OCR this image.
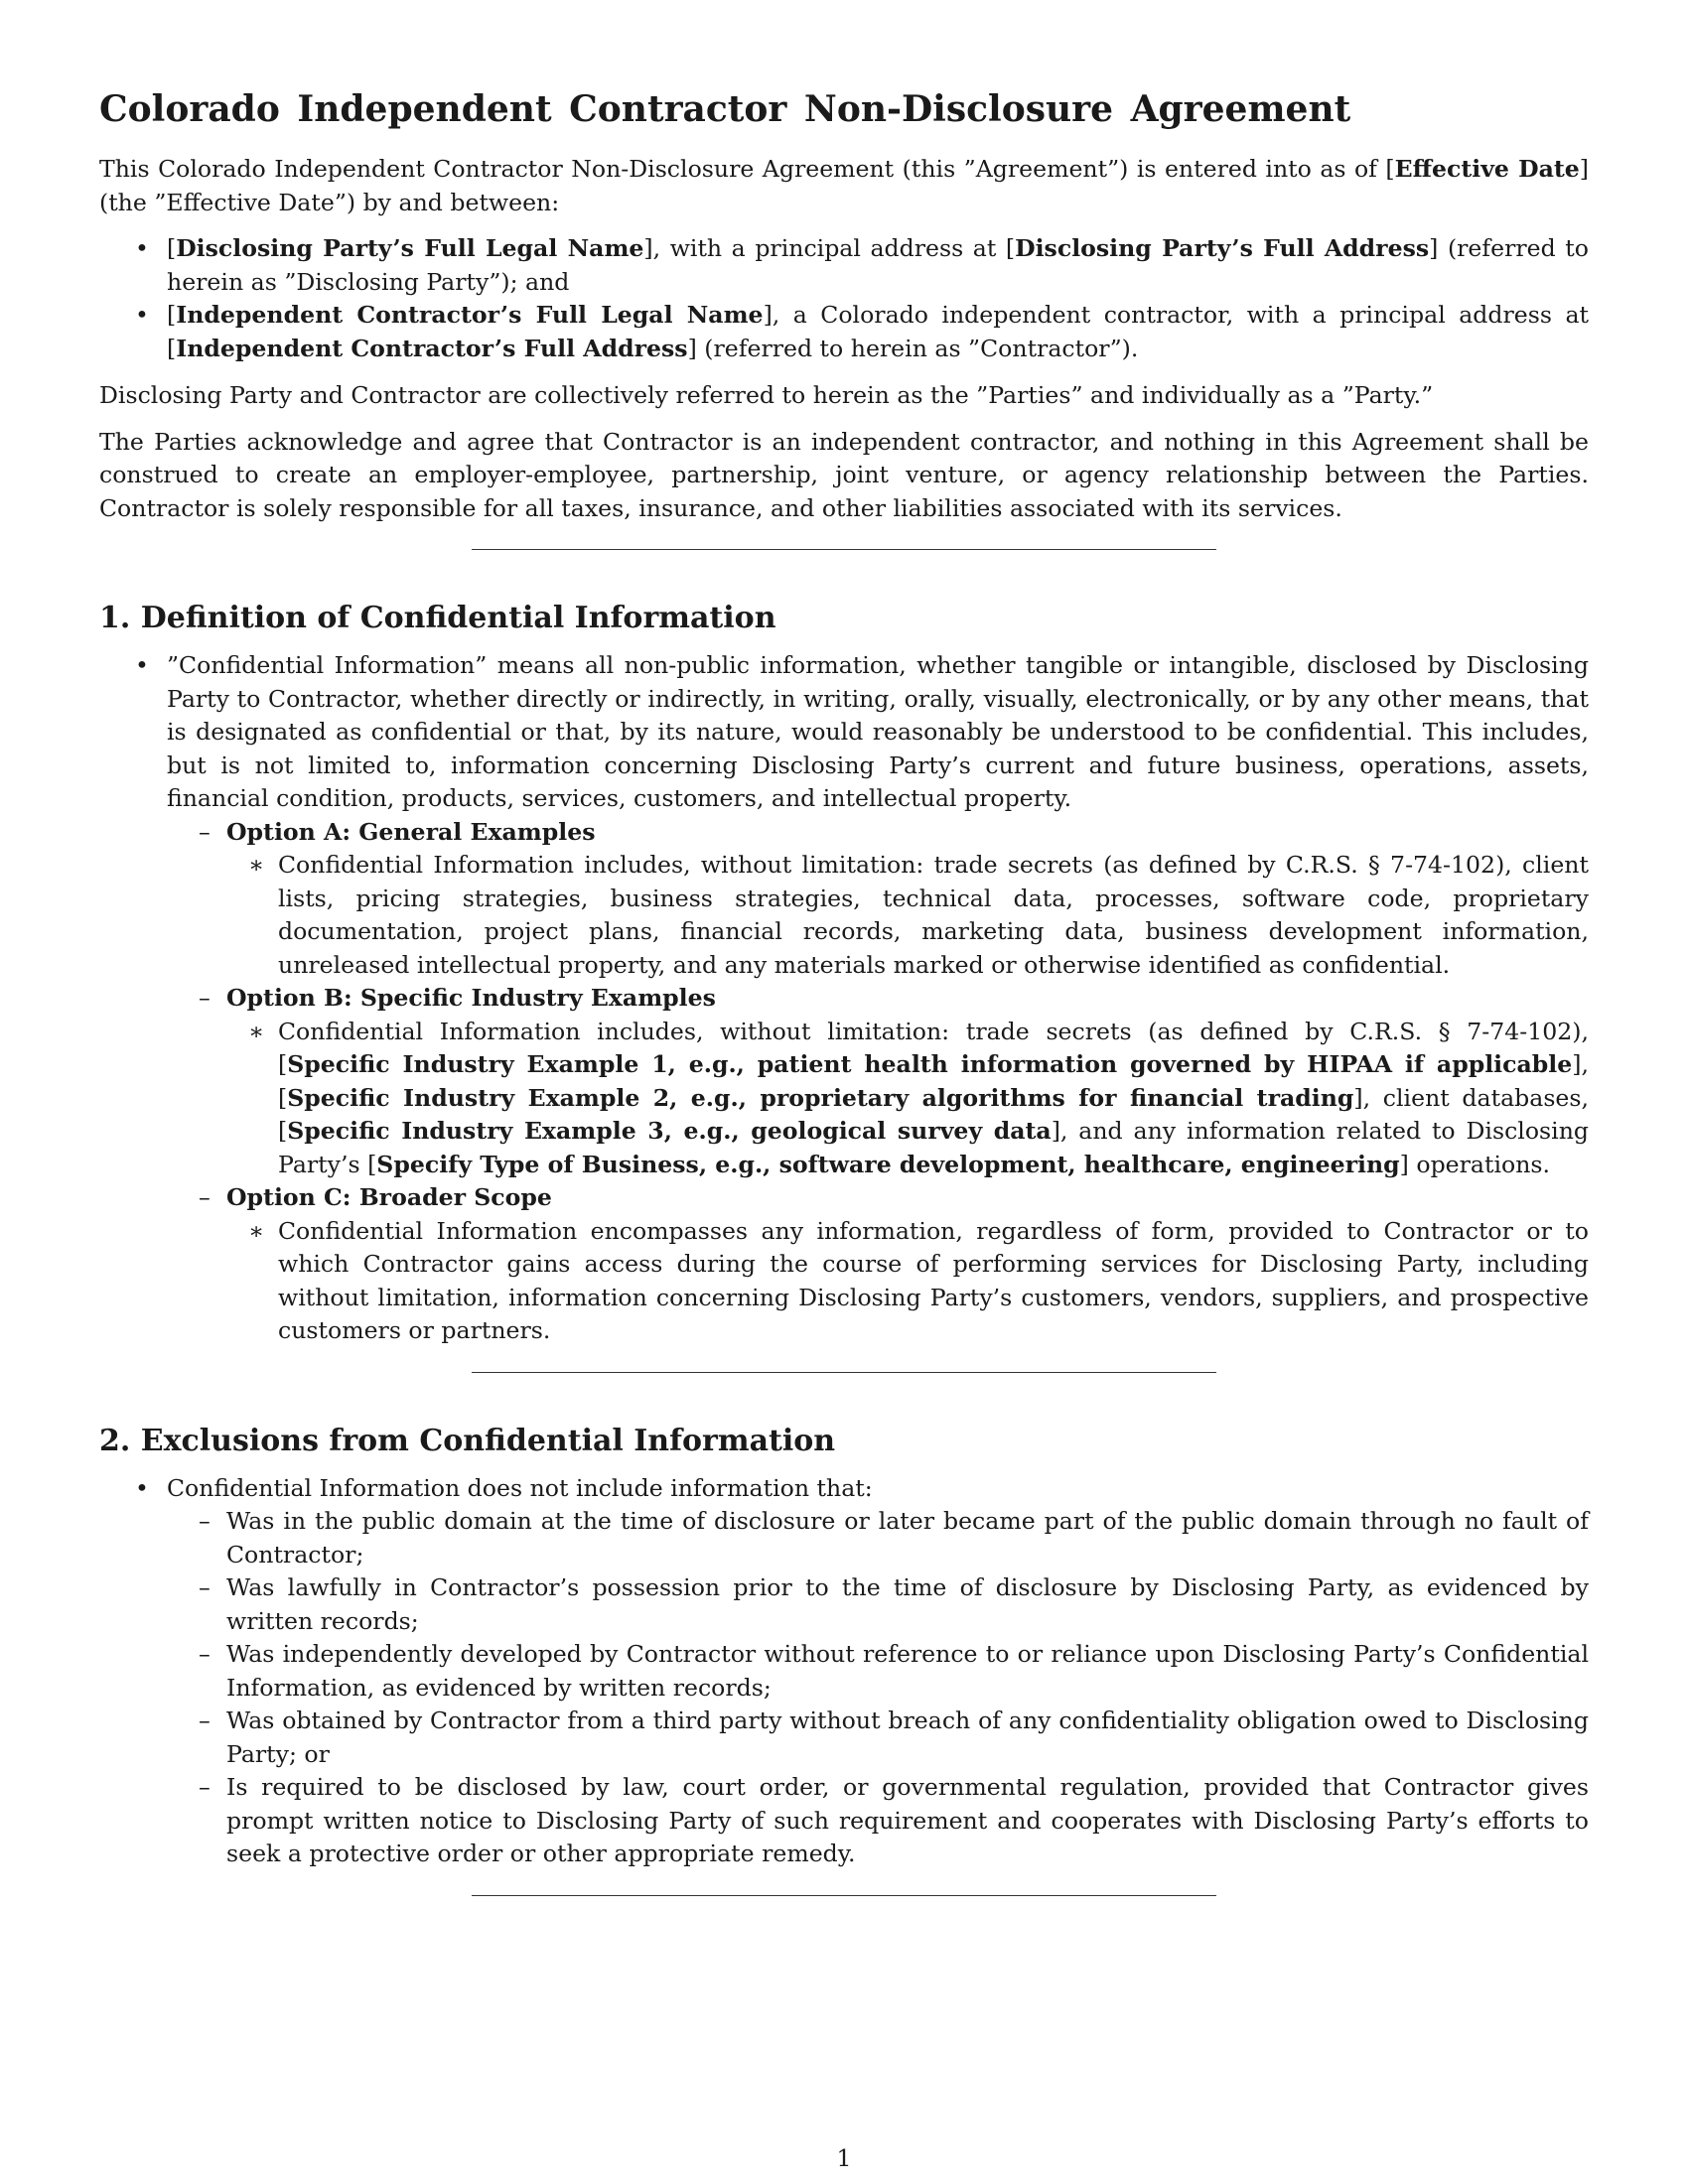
Colorado Independent Contractor Non-Disclosure Agreement

This Colorado Independent Contractor Non-Disclosure Agreement (this ”Agreement”) is entered into as of [Effective Date] (the ”Effective Date”) by and between:

• [Disclosing Party’s Full Legal Name], with a principal address at [Disclosing Party’s Full Address] (referred to herein as ”Disclosing Party”); and
• [Independent Contractor’s Full Legal Name], a Colorado independent contractor, with a principal address at [Independent Contractor’s Full Address] (referred to herein as ”Contractor”).

Disclosing Party and Contractor are collectively referred to herein as the ”Parties” and individually as a ”Party.”

The Parties acknowledge and agree that Contractor is an independent contractor, and nothing in this Agreement shall be construed to create an employer-employee, partnership, joint venture, or agency relationship between the Parties. Contractor is solely responsible for all taxes, insurance, and other liabilities associated with its services.

1. Definition of Confidential Information
• ”Confidential Information” means all non-public information, whether tangible or intangible, disclosed by Disclosing Party to Contractor, whether directly or indirectly, in writing, orally, visually, electronically, or by any other means, that is designated as confidential or that, by its nature, would reasonably be understood to be confidential. This includes, but is not limited to, information concerning Disclosing Party’s current and future business, operations, assets, financial condition, products, services, customers, and intellectual property.
– Option A: General Examples
∗ Confidential Information includes, without limitation: trade secrets (as defined by C.R.S. § 7-74-102), client lists, pricing strategies, business strategies, technical data, processes, software code, proprietary documentation, project plans, financial records, marketing data, business development information, unreleased intellectual property, and any materials marked or otherwise identified as confidential.
– Option B: Specific Industry Examples
∗ Confidential Information includes, without limitation: trade secrets (as defined by C.R.S. § 7-74-102), [Specific Industry Example 1, e.g., patient health information governed by HIPAA if applicable], [Specific Industry Example 2, e.g., proprietary algorithms for financial trading], client databases, [Specific Industry Example 3, e.g., geological survey data], and any information related to Disclosing Party’s [Specify Type of Business, e.g., software development, healthcare, engineering] operations.
– Option C: Broader Scope
∗ Confidential Information encompasses any information, regardless of form, provided to Contractor or to which Contractor gains access during the course of performing services for Disclosing Party, including without limitation, information concerning Disclosing Party’s customers, vendors, suppliers, and prospective customers or partners.
2. Exclusions from Confidential Information
• Confidential Information does not include information that:
– Was in the public domain at the time of disclosure or later became part of the public domain through no fault of Contractor;
– Was lawfully in Contractor’s possession prior to the time of disclosure by Disclosing Party, as evidenced by written records;
– Was independently developed by Contractor without reference to or reliance upon Disclosing Party’s Confidential Information, as evidenced by written records;
– Was obtained by Contractor from a third party without breach of any confidentiality obligation owed to Disclosing Party; or
– Is required to be disclosed by law, court order, or governmental regulation, provided that Contractor gives prompt written notice to Disclosing Party of such requirement and cooperates with Disclosing Party’s efforts to seek a protective order or other appropriate remedy.
1
